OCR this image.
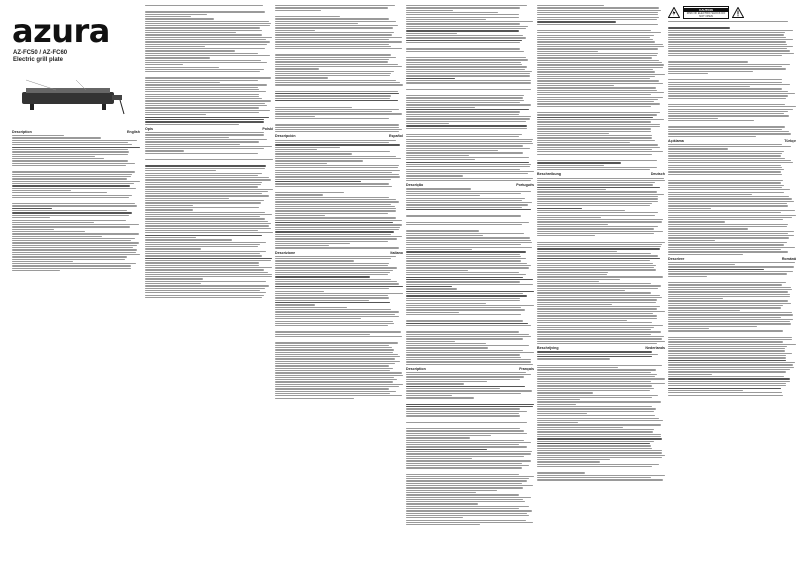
azura
AZ-FC50 / AZ-FC60
Electric grill plate
Description	English
Opis	Polski
Descripción	Español
Descrizione	Italiano
Descrição	Português
Description	Français
Beschreibung	Deutsch
Beschrijving	Nederlands
CAUTION
RISK OF ELECTRIC SHOCK DO NOT OPEN
Açıklama	Türkçe
Descriere	Română
